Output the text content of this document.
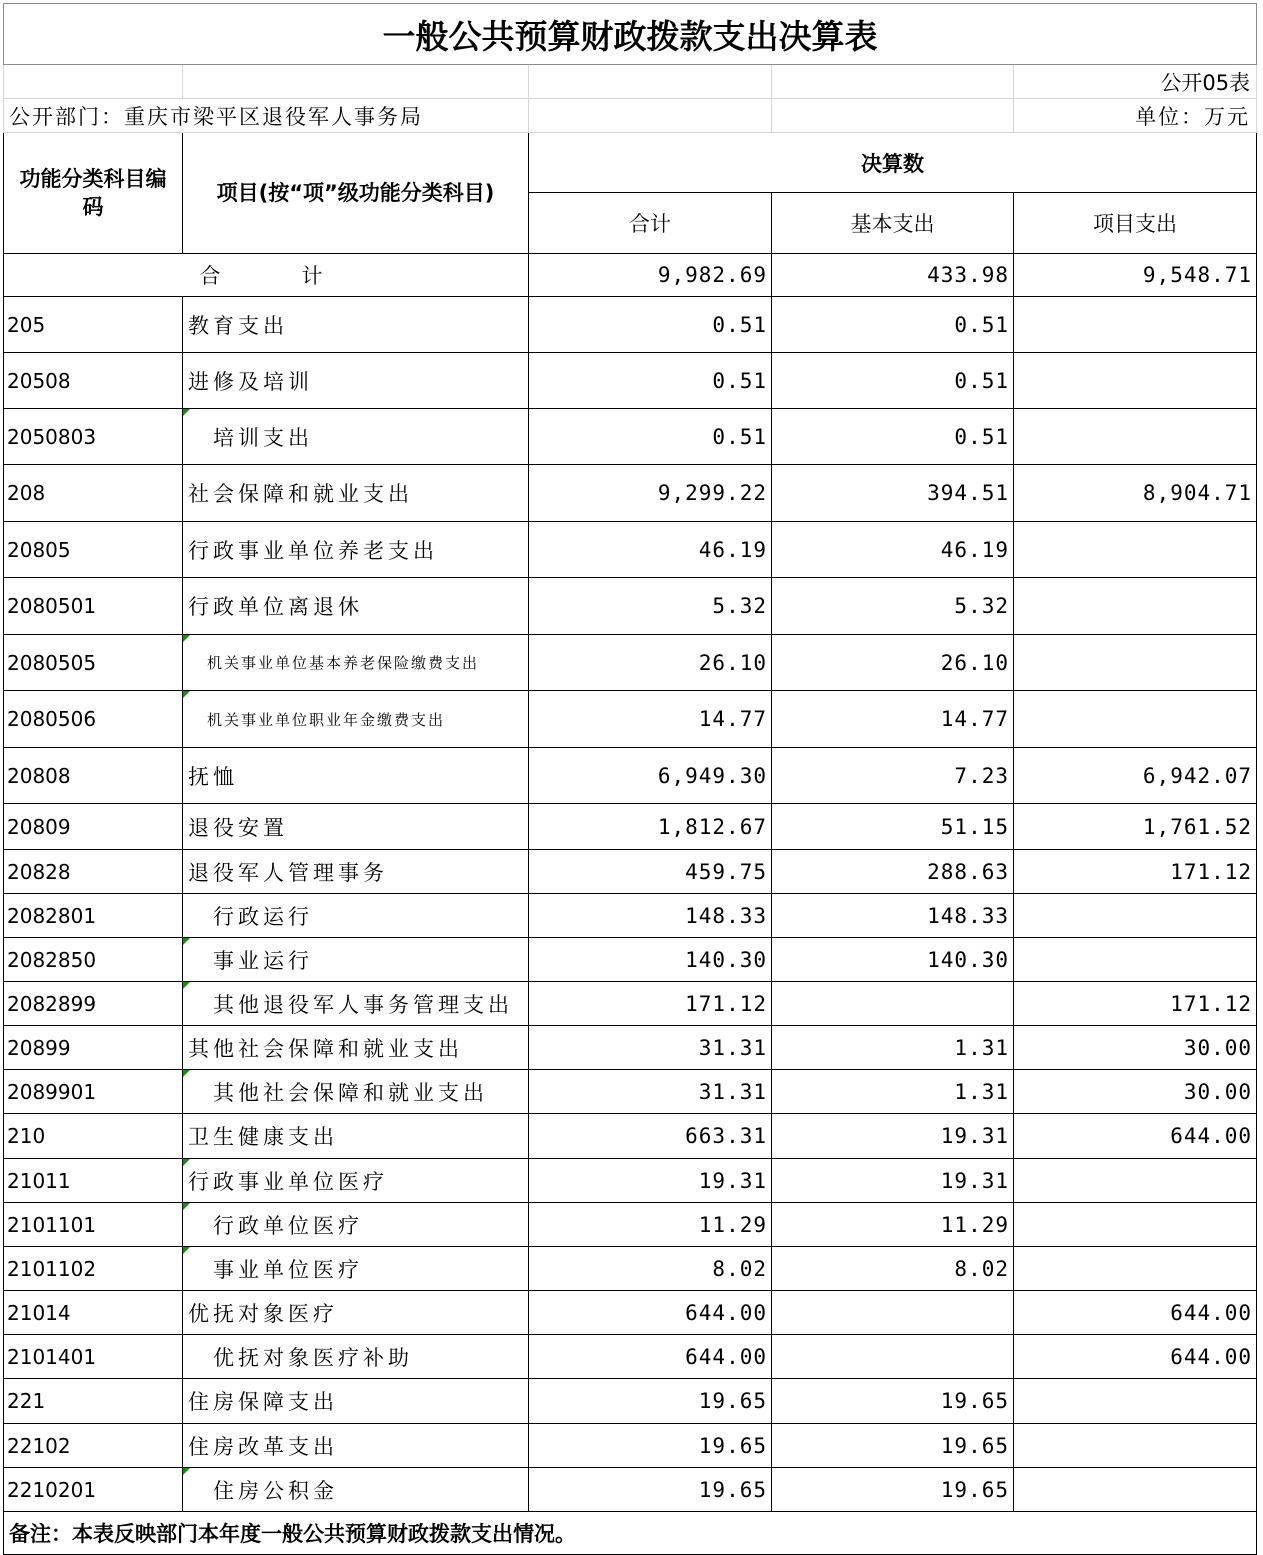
一般公共预算财政拨款支出决算表				
				公开05表
公开部门：重庆市梁平区退役军人事务局				单位：万元
功能分类科目编码	项目(按“项”级功能分类科目)	决算数		
		合计	基本支出	项目支出
合　计		9,982.69	433.98	9,548.71
205	教育支出	0.51	0.51	
20508	进修及培训	0.51	0.51	
2050803	培训支出	0.51	0.51	
208	社会保障和就业支出	9,299.22	394.51	8,904.71
20805	行政事业单位养老支出	46.19	46.19	
2080501	行政单位离退休	5.32	5.32	
2080505	机关事业单位基本养老保险缴费支出	26.10	26.10	
2080506	机关事业单位职业年金缴费支出	14.77	14.77	
20808	抚恤	6,949.30	7.23	6,942.07
20809	退役安置	1,812.67	51.15	1,761.52
20828	退役军人管理事务	459.75	288.63	171.12
2082801	行政运行	148.33	148.33	
2082850	事业运行	140.30	140.30	
2082899	其他退役军人事务管理支出	171.12		171.12
20899	其他社会保障和就业支出	31.31	1.31	30.00
2089901	其他社会保障和就业支出	31.31	1.31	30.00
210	卫生健康支出	663.31	19.31	644.00
21011	行政事业单位医疗	19.31	19.31	
2101101	行政单位医疗	11.29	11.29	
2101102	事业单位医疗	8.02	8.02	
21014	优抚对象医疗	644.00		644.00
2101401	优抚对象医疗补助	644.00		644.00
221	住房保障支出	19.65	19.65	
22102	住房改革支出	19.65	19.65	
2210201	住房公积金	19.65	19.65	
备注：本表反映部门本年度一般公共预算财政拨款支出情况。				
